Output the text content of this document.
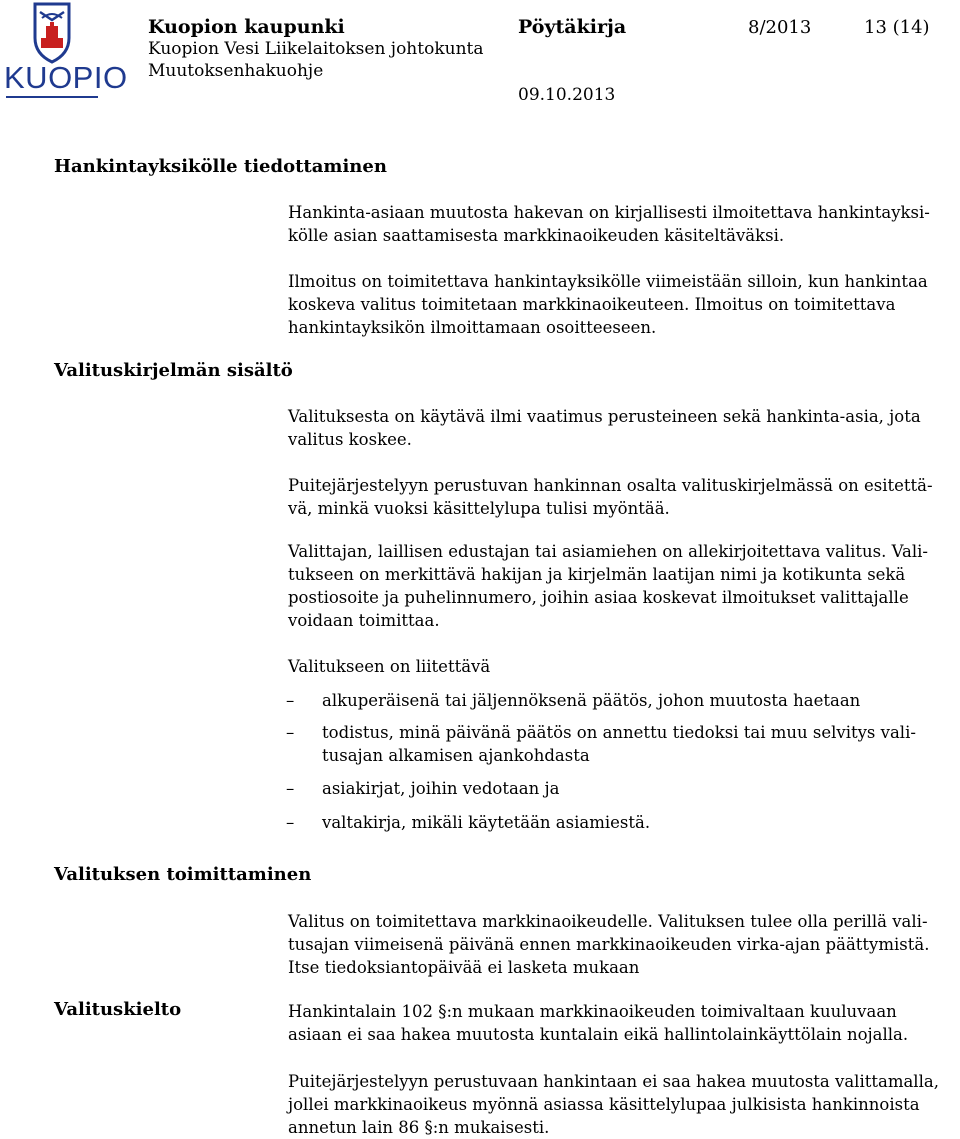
KUOPIO
Kuopion kaupunki
Kuopion Vesi Liikelaitoksen johtokunta
Muutoksenhakuohje
Pöytäkirja	8/2013	13 (14)
09.10.2013
Hankintayksikölle tiedottaminen

Hankinta-asiaan muutosta hakevan on kirjallisesti ilmoitettava hankintayksi-

kölle asian saattamisesta markkinaoikeuden käsiteltäväksi.

Ilmoitus on toimitettava hankintayksikölle viimeistään silloin, kun hankintaa

koskeva valitus toimitetaan markkinaoikeuteen. Ilmoitus on toimitettava

hankintayksikön ilmoittamaan osoitteeseen.

Valituskirjelmän sisältö

Valituksesta on käytävä ilmi vaatimus perusteineen sekä hankinta-asia, jota

valitus koskee.

Puitejärjestelyyn perustuvan hankinnan osalta valituskirjelmässä on esitettä-

vä, minkä vuoksi käsittelylupa tulisi myöntää.

Valittajan, laillisen edustajan tai asiamiehen on allekirjoitettava valitus. Vali-

tukseen on merkittävä hakijan ja kirjelmän laatijan nimi ja kotikunta sekä

postiosoite ja puhelinnumero, joihin asiaa koskevat ilmoitukset valittajalle

voidaan toimittaa.

Valitukseen on liitettävä
–	alkuperäisenä tai jäljennöksenä päätös, johon muutosta haetaan
–	todistus, minä päivänä päätös on annettu tiedoksi tai muu selvitys vali-
tusajan alkamisen ajankohdasta
–	asiakirjat, joihin vedotaan ja
–	valtakirja, mikäli käytetään asiamiestä.
Valituksen toimittaminen

Valitus on toimitettava markkinaoikeudelle. Valituksen tulee olla perillä vali-

tusajan viimeisenä päivänä ennen markkinaoikeuden virka-ajan päättymistä.

Itse tiedoksiantopäivää ei lasketa mukaan

Valituskielto	Hankintalain 102 §:n mukaan markkinaoikeuden toimivaltaan kuuluvaan

asiaan ei saa hakea muutosta kuntalain eikä hallintolainkäyttölain nojalla.

Puitejärjestelyyn perustuvaan hankintaan ei saa hakea muutosta valittamalla,

jollei markkinaoikeus myönnä asiassa käsittelylupaa julkisista hankinnoista

annetun lain 86 §:n mukaisesti.
